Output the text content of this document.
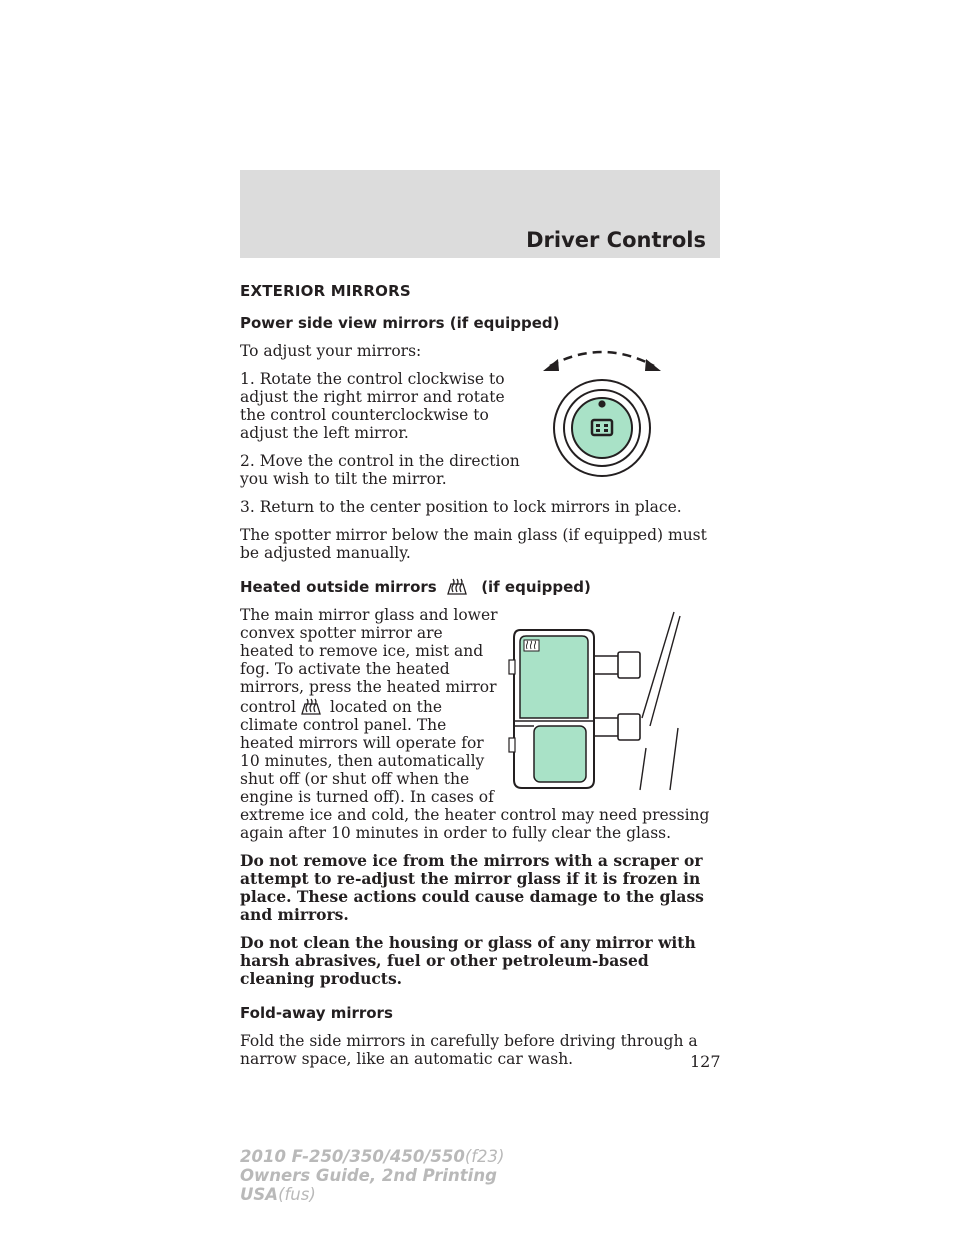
Driver Controls
EXTERIOR MIRRORS
Power side view mirrors (if equipped)

To adjust your mirrors:

1. Rotate the control clockwise to adjust the right mirror and rotate the control counterclockwise to adjust the left mirror.

2. Move the control in the direction you wish to tilt the mirror.

3. Return to the center position to lock mirrors in place.

The spotter mirror below the main glass (if equipped) must be adjusted manually.

Heated outside mirrors	(if equipped)

The main mirror glass and lower convex spotter mirror are heated to remove ice, mist and fog. To activate the heated mirrors, press the heated mirror control located on the climate control panel. The heated mirrors will operate for 10 minutes, then automatically shut off (or shut off when the engine is turned off). In cases of extreme ice and cold, the heater control may need pressing again after 10 minutes in order to fully clear the glass.

Do not remove ice from the mirrors with a scraper or attempt to re-adjust the mirror glass if it is frozen in place. These actions could cause damage to the glass and mirrors.

Do not clean the housing or glass of any mirror with harsh abrasives, fuel or other petroleum-based cleaning products.

Fold-away mirrors

Fold the side mirrors in carefully before driving through a narrow space, like an automatic car wash.	127
2010 F-250/350/450/550(f23)
Owners Guide, 2nd Printing
USA(fus)
